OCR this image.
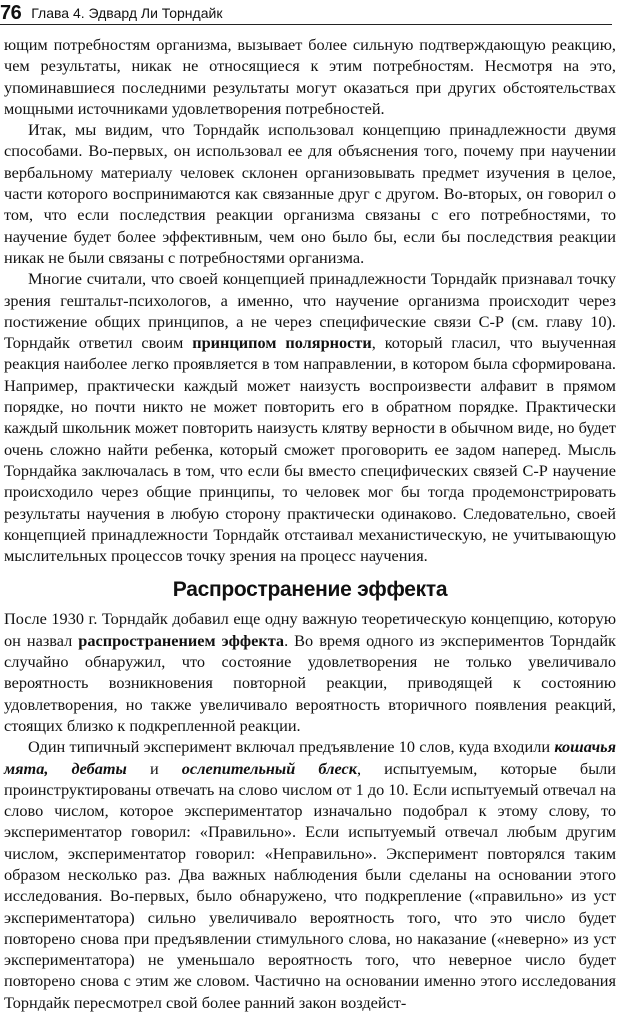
76 Глава 4. Эдвард Ли Торндайк

ющим потребностям организма, вызывает более сильную подтверждающую реакцию, чем результаты, никак не относящиеся к этим потребностям. Несмотря на это, упоминавшиеся последними результаты могут оказаться при других обстоятельствах мощными источниками удовлетворения потребностей.

Итак, мы видим, что Торндайк использовал концепцию принадлежности двумя способами. Во-первых, он использовал ее для объяснения того, почему при научении вербальному материалу человек склонен организовывать предмет изучения в целое, части которого воспринимаются как связанные друг с другом. Во-вторых, он говорил о том, что если последствия реакции организма связаны с его потребностями, то научение будет более эффективным, чем оно было бы, если бы последствия реакции никак не были связаны с потребностями организма.

Многие считали, что своей концепцией принадлежности Торндайк признавал точку зрения гештальт-психологов, а именно, что научение организма происходит через постижение общих принципов, а не через специфические связи С-Р (см. главу 10). Торндайк ответил своим принципом полярности, который гласил, что выученная реакция наиболее легко проявляется в том направлении, в котором была сформирована. Например, практически каждый может наизусть воспроизвести алфавит в прямом порядке, но почти никто не может повторить его в обратном порядке. Практически каждый школьник может повторить наизусть клятву верности в обычном виде, но будет очень сложно найти ребенка, который сможет проговорить ее задом наперед. Мысль Торндайка заключалась в том, что если бы вместо специфических связей С-Р научение происходило через общие принципы, то человек мог бы тогда продемонстрировать результаты научения в любую сторону практически одинаково. Следовательно, своей концепцией принадлежности Торндайк отстаивал механистическую, не учитывающую мыслительных процессов точку зрения на процесс научения.

Распространение эффекта

После 1930 г. Торндайк добавил еще одну важную теоретическую концепцию, которую он назвал распространением эффекта. Во время одного из экспериментов Торндайк случайно обнаружил, что состояние удовлетворения не только увеличивало вероятность возникновения повторной реакции, приводящей к состоянию удовлетворения, но также увеличивало вероятность вторичного появления реакций, стоящих близко к подкрепленной реакции.

Один типичный эксперимент включал предъявление 10 слов, куда входили кошачья мята, дебаты и ослепительный блеск, испытуемым, которые были проинструктированы отвечать на слово числом от 1 до 10. Если испытуемый отвечал на слово числом, которое экспериментатор изначально подобрал к этому слову, то экспериментатор говорил: «Правильно». Если испытуемый отвечал любым другим числом, экспериментатор говорил: «Неправильно». Эксперимент повторялся таким образом несколько раз. Два важных наблюдения были сделаны на основании этого исследования. Во-первых, было обнаружено, что подкрепление («правильно» из уст экспериментатора) сильно увеличивало вероятность того, что это число будет повторено снова при предъявлении стимульного слова, но наказание («неверно» из уст экспериментатора) не уменьшало вероятность того, что неверное число будет повторено снова с этим же словом. Частично на основании именно этого исследования Торндайк пересмотрел свой более ранний закон воздейст-
